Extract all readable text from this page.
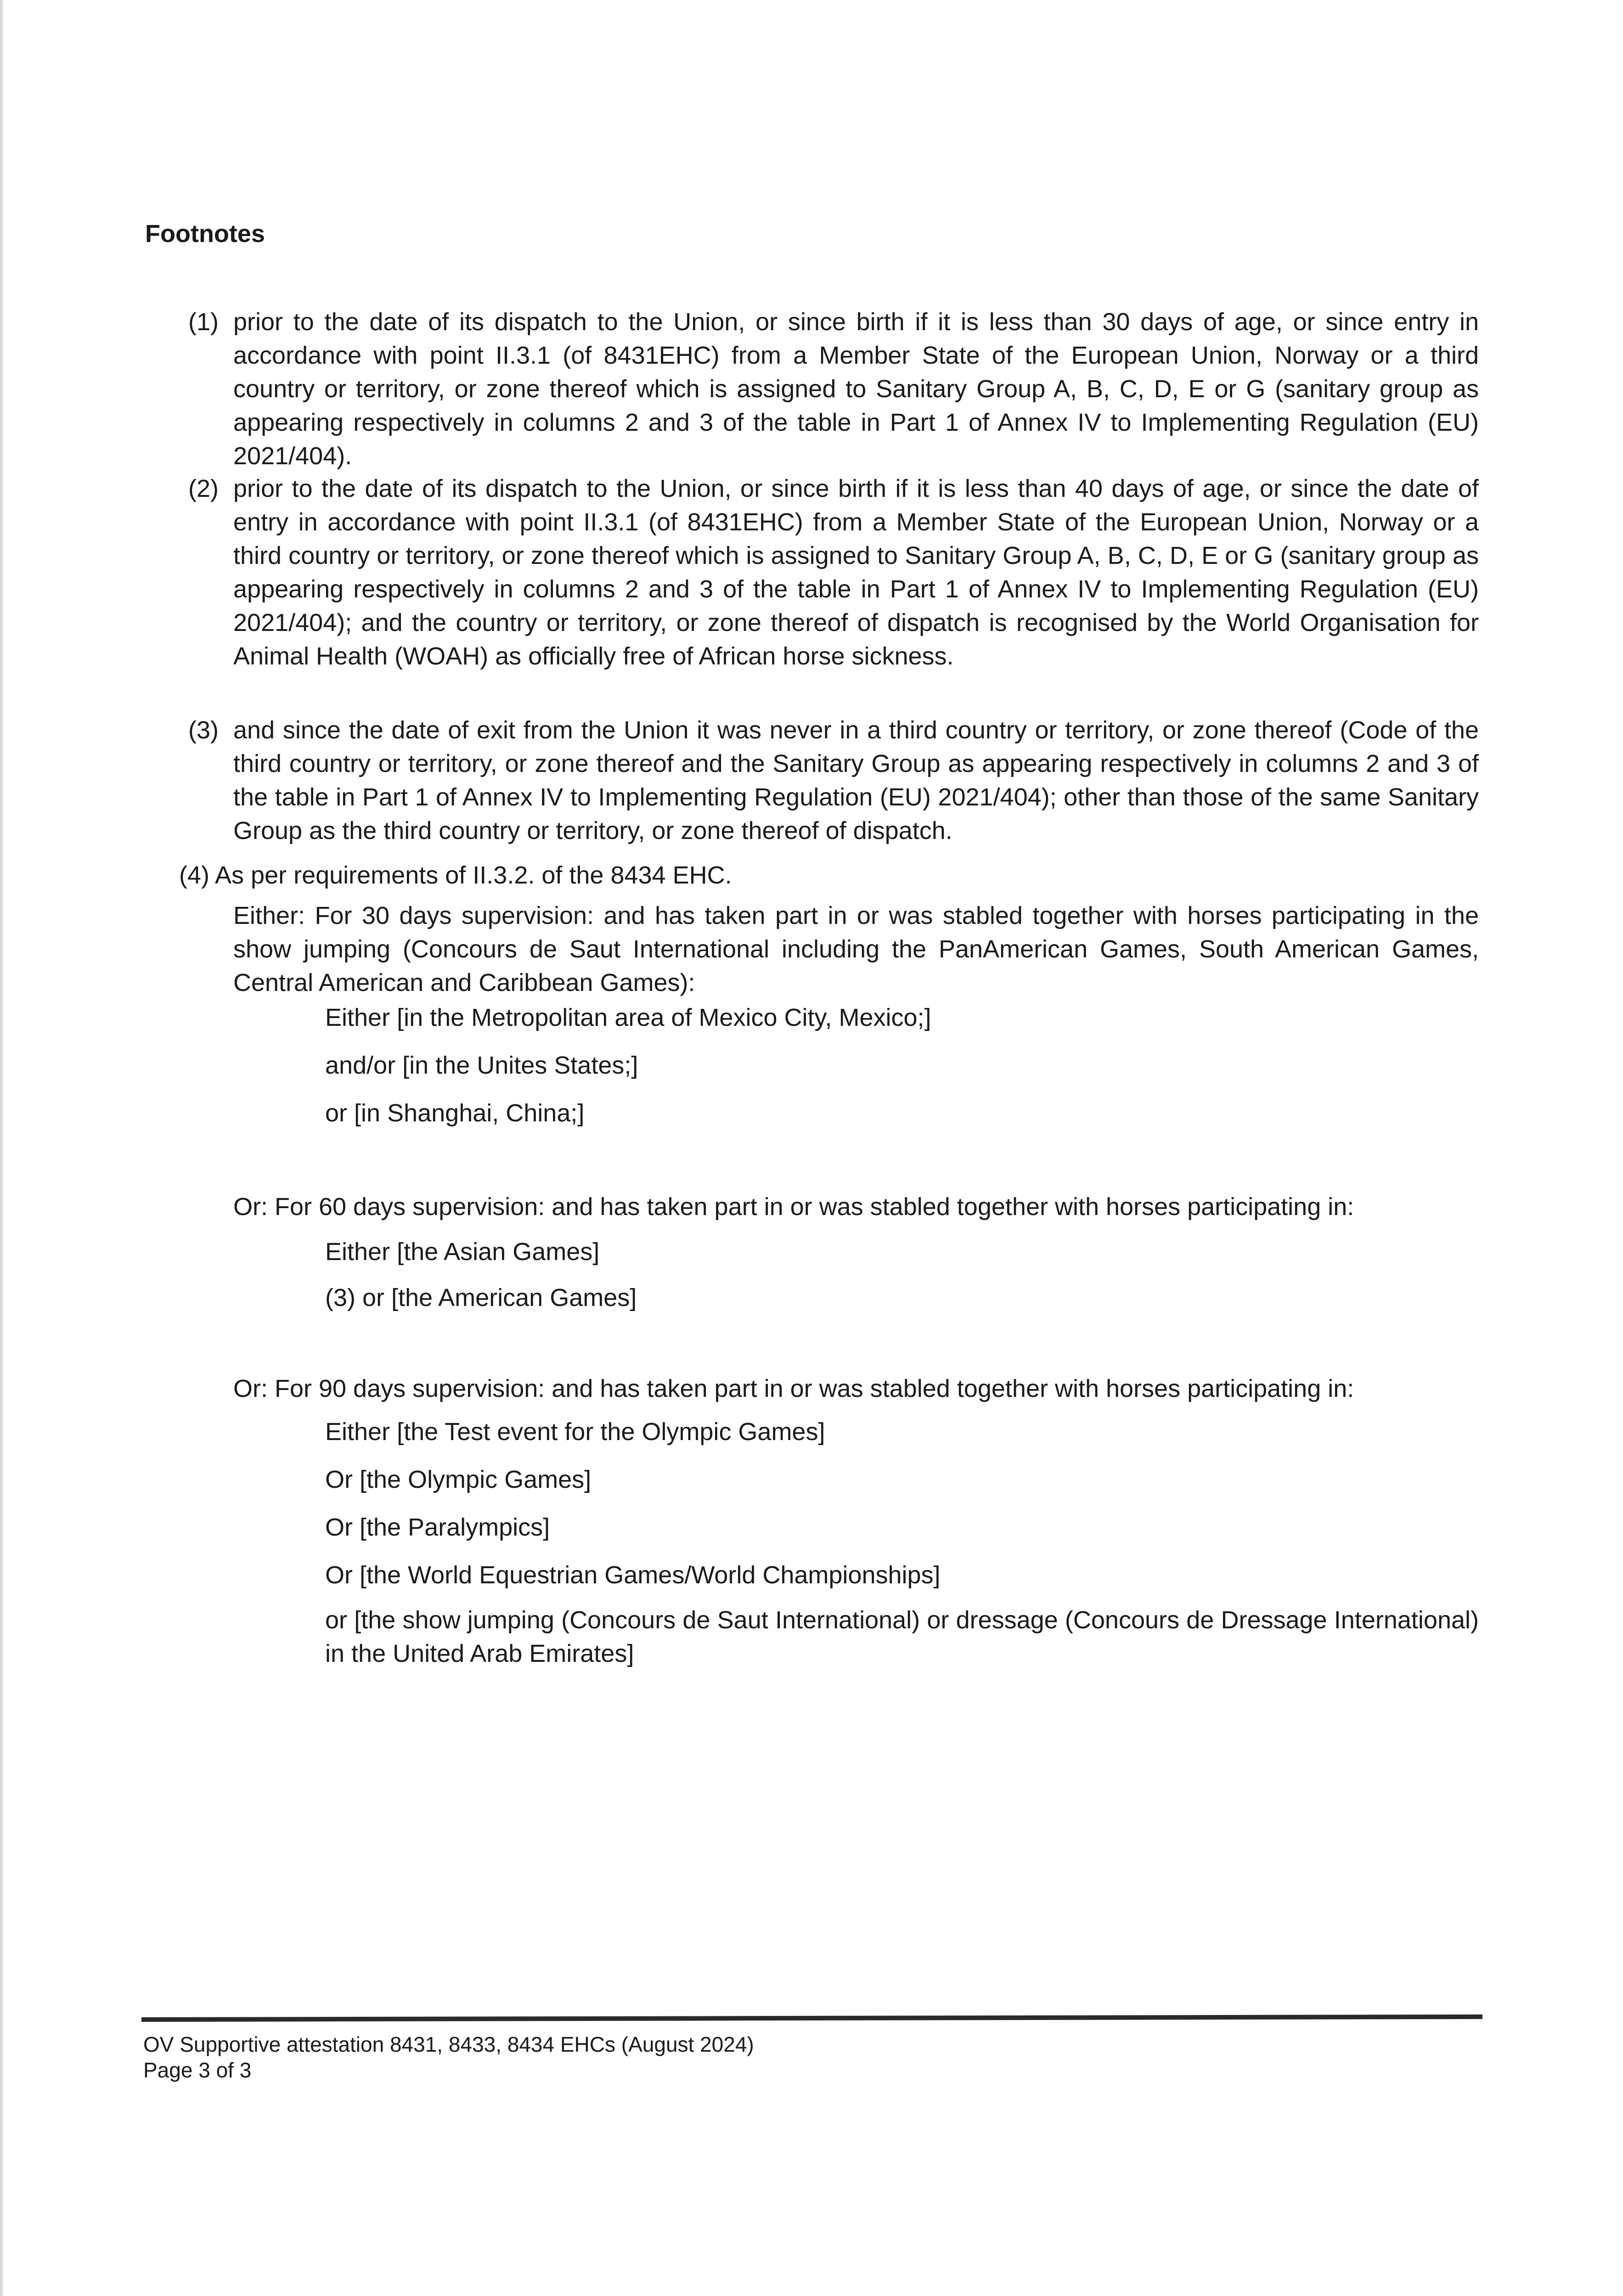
Footnotes
(1) prior to the date of its dispatch to the Union, or since birth if it is less than 30 days of age, or since entry in accordance with point II.3.1 (of 8431EHC) from a Member State of the European Union, Norway or a third country or territory, or zone thereof which is assigned to Sanitary Group A, B, C, D, E or G (sanitary group as appearing respectively in columns 2 and 3 of the table in Part 1 of Annex IV to Implementing Regulation (EU) 2021/404).
(2) prior to the date of its dispatch to the Union, or since birth if it is less than 40 days of age, or since the date of entry in accordance with point II.3.1 (of 8431EHC) from a Member State of the European Union, Norway or a third country or territory, or zone thereof which is assigned to Sanitary Group A, B, C, D, E or G (sanitary group as appearing respectively in columns 2 and 3 of the table in Part 1 of Annex IV to Implementing Regulation (EU) 2021/404); and the country or territory, or zone thereof of dispatch is recognised by the World Organisation for Animal Health (WOAH) as officially free of African horse sickness.
(3) and since the date of exit from the Union it was never in a third country or territory, or zone thereof (Code of the third country or territory, or zone thereof and the Sanitary Group as appearing respectively in columns 2 and 3 of the table in Part 1 of Annex IV to Implementing Regulation (EU) 2021/404); other than those of the same Sanitary Group as the third country or territory, or zone thereof of dispatch.

(4) As per requirements of II.3.2. of the 8434 EHC.

Either: For 30 days supervision: and has taken part in or was stabled together with horses participating in the show jumping (Concours de Saut International including the PanAmerican Games, South American Games, Central American and Caribbean Games):

Either [in the Metropolitan area of Mexico City, Mexico;]

and/or [in the Unites States;]

or [in Shanghai, China;]

Or: For 60 days supervision: and has taken part in or was stabled together with horses participating in:

Either [the Asian Games]

(3) or [the American Games]

Or: For 90 days supervision: and has taken part in or was stabled together with horses participating in:

Either [the Test event for the Olympic Games]

Or [the Olympic Games]

Or [the Paralympics]

Or [the World Equestrian Games/World Championships]

or [the show jumping (Concours de Saut International) or dressage (Concours de Dressage International) in the United Arab Emirates]

OV Supportive attestation 8431, 8433, 8434 EHCs (August 2024)

Page 3 of 3
